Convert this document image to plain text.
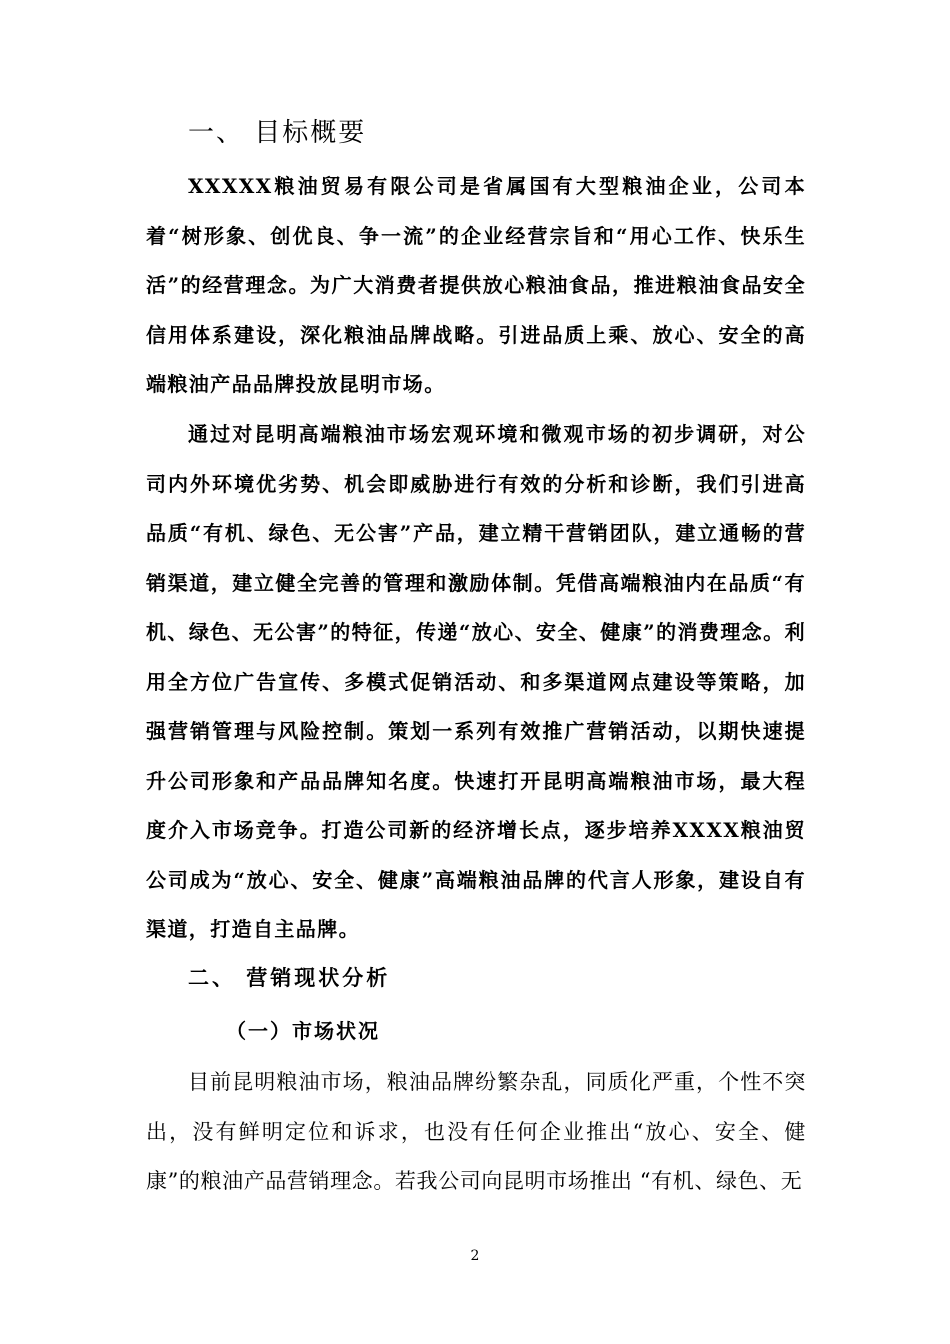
一、 目标概要

XXXXX粮油贸易有限公司是省属国有大型粮油企业，公司本着“树形象、创优良、争一流”的企业经营宗旨和“用心工作、快乐生活”的经营理念。为广大消费者提供放心粮油食品，推进粮油食品安全信用体系建设，深化粮油品牌战略。引进品质上乘、放心、安全的高端粮油产品品牌投放昆明市场。

通过对昆明高端粮油市场宏观环境和微观市场的初步调研，对公司内外环境优劣势、机会即威胁进行有效的分析和诊断，我们引进高品质“有机、绿色、无公害”产品，建立精干营销团队，建立通畅的营销渠道，建立健全完善的管理和激励体制。凭借高端粮油内在品质“有机、绿色、无公害”的特征，传递“放心、安全、健康”的消费理念。利用全方位广告宣传、多模式促销活动、和多渠道网点建设等策略，加强营销管理与风险控制。策划一系列有效推广营销活动，以期快速提升公司形象和产品品牌知名度。快速打开昆明高端粮油市场，最大程度介入市场竞争。打造公司新的经济增长点，逐步培养XXXX粮油贸公司成为“放心、安全、健康”高端粮油品牌的代言人形象，建设自有渠道，打造自主品牌。

二、 营销现状分析
（一）市场状况

目前昆明粮油市场，粮油品牌纷繁杂乱，同质化严重，个性不突出，没有鲜明定位和诉求，也没有任何企业推出“放心、安全、健康”的粮油产品营销理念。若我公司向昆明市场推出 “有机、绿色、无

2
